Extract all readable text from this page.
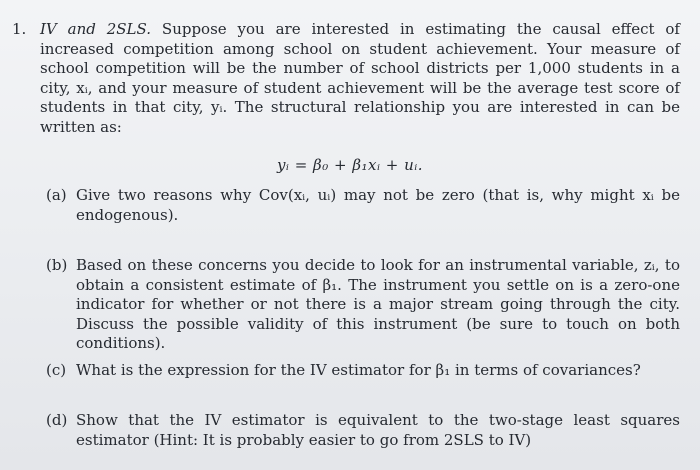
1. IV and 2SLS. Suppose you are interested in estimating the causal effect of increased competition among school on student achievement. Your measure of school competition will be the number of school districts per 1,000 students in a city, xᵢ, and your measure of student achievement will be the average test score of students in that city, yᵢ. The structural relationship you are interested in can be written as:
yᵢ = β₀ + β₁xᵢ + uᵢ.
(a) Give two reasons why Cov(xᵢ, uᵢ) may not be zero (that is, why might xᵢ be endogenous).
(b) Based on these concerns you decide to look for an instrumental variable, zᵢ, to obtain a consistent estimate of β₁. The instrument you settle on is a zero-one indicator for whether or not there is a major stream going through the city. Discuss the possible validity of this instrument (be sure to touch on both conditions).
(c) What is the expression for the IV estimator for β₁ in terms of covariances?
(d) Show that the IV estimator is equivalent to the two-stage least squares estimator (Hint: It is probably easier to go from 2SLS to IV)
